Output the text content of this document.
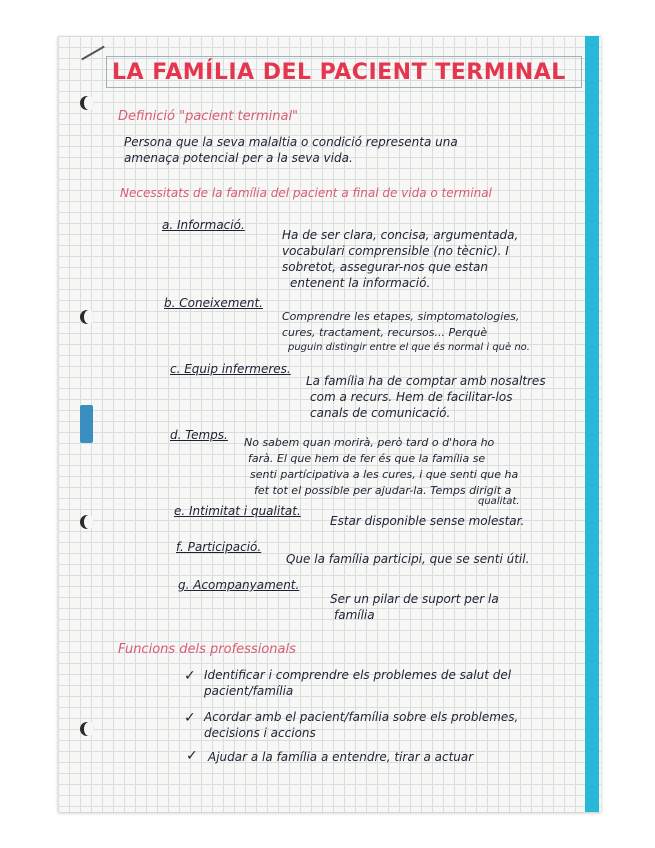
LA FAMÍLIA DEL PACIENT TERMINAL
Definició "pacient terminal"
Persona que la seva malaltia o condició representa una
amenaça potencial per a la seva vida.
Necessitats de la família del pacient a final de vida o terminal
a. Informació.
Ha de ser clara, concisa, argumentada,
vocabulari comprensible (no tècnic). I
sobretot, assegurar-nos que estan
entenent la informació.
b. Coneixement.
Comprendre les etapes, simptomatologies,
cures, tractament, recursos... Perquè
puguin distingir entre el que és normal i què no.
c. Equip infermeres.
La família ha de comptar amb nosaltres
com a recurs. Hem de facilitar-los
canals de comunicació.
d. Temps.
No sabem quan morirà, però tard o d'hora ho
farà. El que hem de fer és que la família se
senti partícipativa a les cures, i que senti que ha
fet tot el possible per ajudar-la. Temps dirigit a
qualitat.
e. Intimitat i qualitat.
Estar disponible sense molestar.
f. Participació.
Que la família participi, que se senti útil.
g. Acompanyament.
Ser un pilar de suport per la
família
Funcions dels professionals
✓ Identificar i comprendre els problemes de salut del
pacient/família
✓ Acordar amb el pacient/família sobre els problemes,
decisions i accions
✓ Ajudar a la família a entendre, tirar a actuar
